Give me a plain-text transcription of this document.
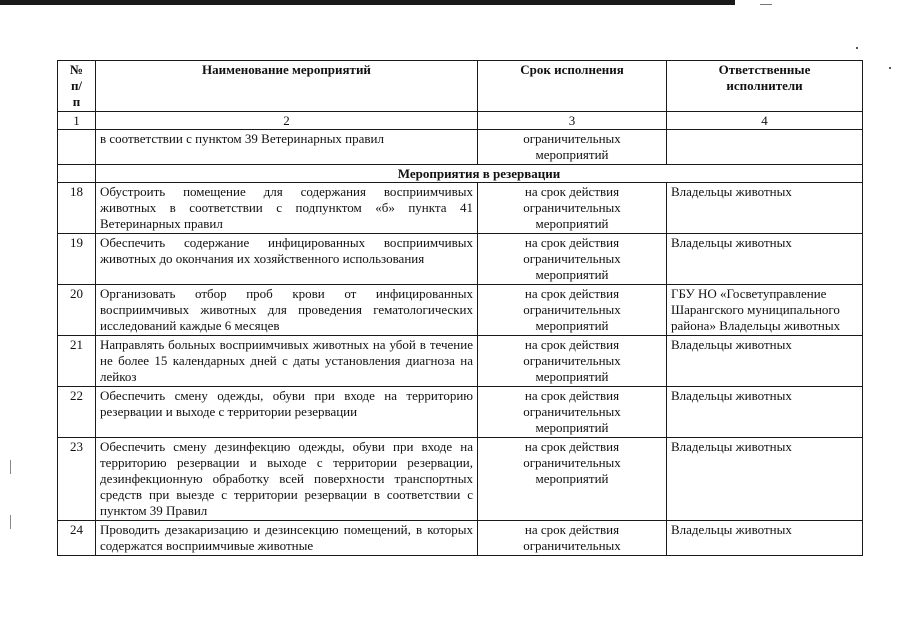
№ п/п	Наименование мероприятий	Срок исполнения	Ответственные исполнители
1	2	3	4
	в соответствии с пунктом 39 Ветеринарных правил	ограничительных мероприятий	
	Мероприятия в резервации		
18	Обустроить помещение для содержания восприимчивых животных в соответствии с подпунктом «б» пункта 41 Ветеринарных правил	на срок действия ограничительных мероприятий	Владельцы животных
19	Обеспечить содержание инфицированных восприимчивых животных до окончания их хозяйственного использования	на срок действия ограничительных мероприятий	Владельцы животных
20	Организовать отбор проб крови от инфицированных восприимчивых животных для проведения гематологических исследований каждые 6 месяцев	на срок действия ограничительных мероприятий	ГБУ НО «Госветуправление Шарангского муниципального района» Владельцы животных
21	Направлять больных восприимчивых животных на убой в течение не более 15 календарных дней с даты установления диагноза на лейкоз	на срок действия ограничительных мероприятий	Владельцы животных
22	Обеспечить смену одежды, обуви при входе на территорию резервации и выходе с территории резервации	на срок действия ограничительных мероприятий	Владельцы животных
23	Обеспечить смену дезинфекцию одежды, обуви при входе на территорию резервации и выходе с территории резервации, дезинфекционную обработку всей поверхности транспортных средств при выезде с территории резервации в соответствии с пунктом 39 Правил	на срок действия ограничительных мероприятий	Владельцы животных
24	Проводить дезакаризацию и дезинсекцию помещений, в которых содержатся восприимчивые животные	на срок действия ограничительных	Владельцы животных
